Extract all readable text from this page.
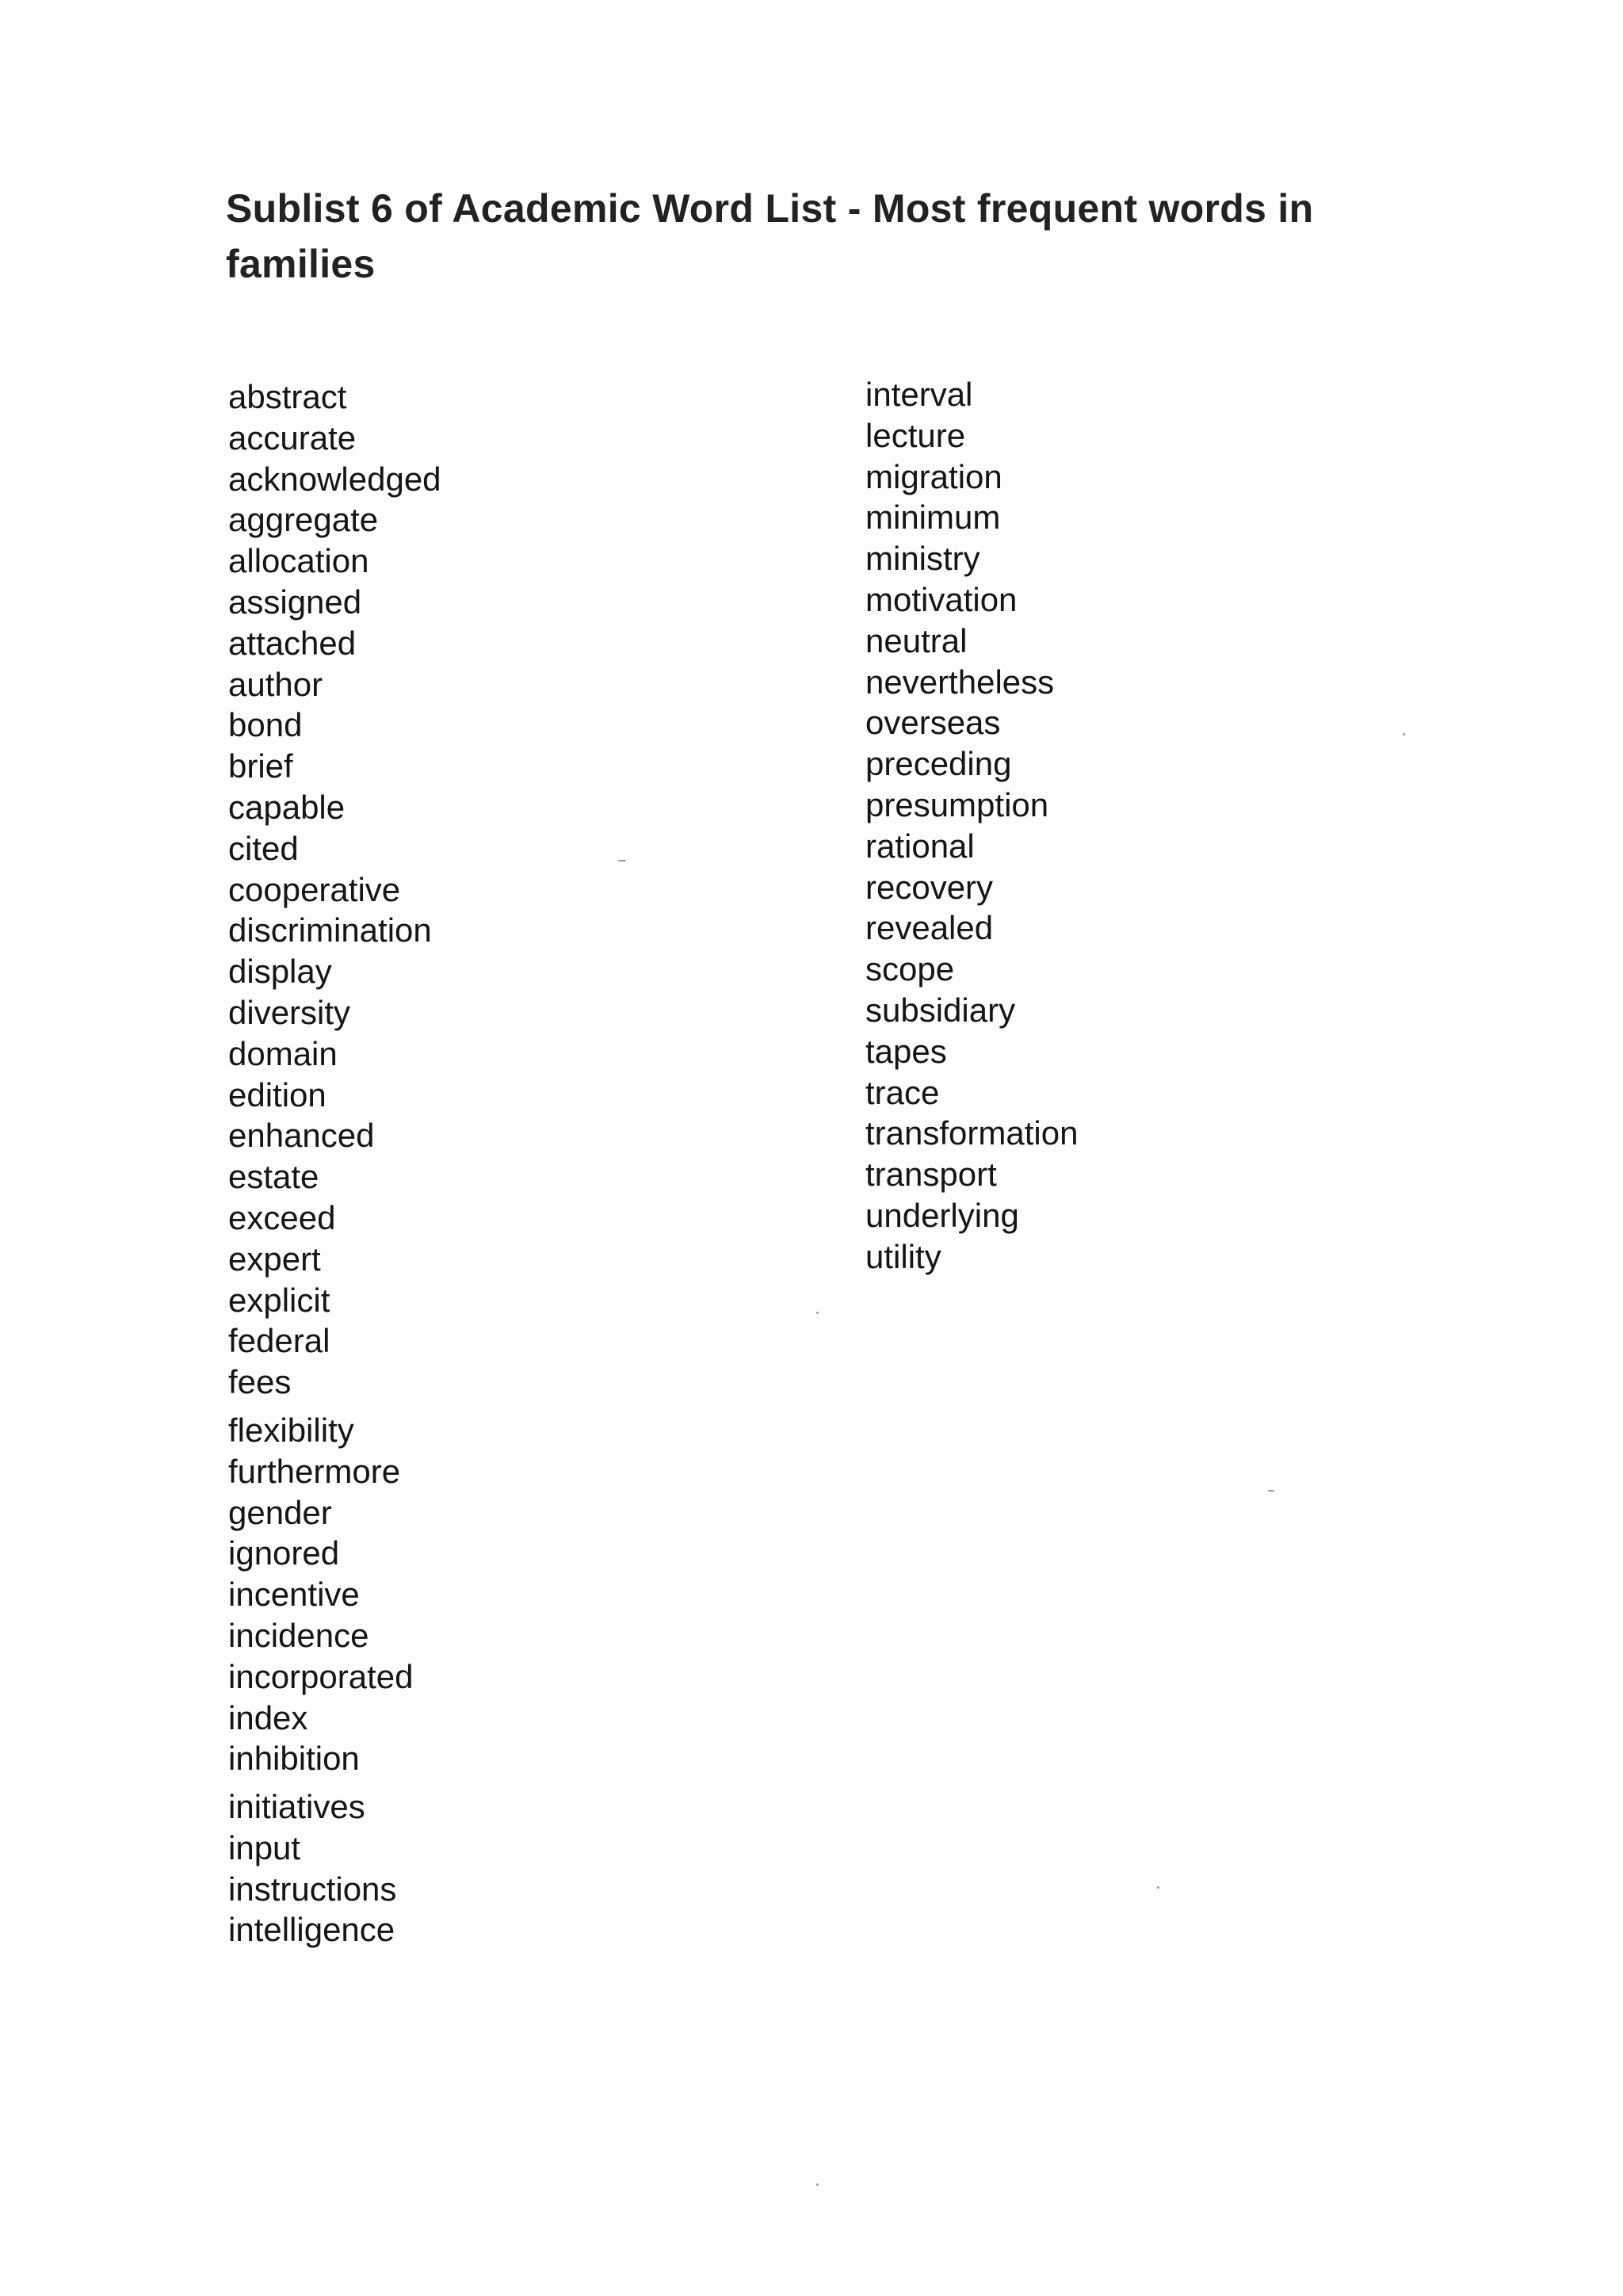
Sublist 6 of Academic Word List - Most frequent words in families
abstract
accurate
acknowledged
aggregate
allocation
assigned
attached
author
bond
brief
capable
cited
cooperative
discrimination
display
diversity
domain
edition
enhanced
estate
exceed
expert
explicit
federal
fees
flexibility
furthermore
gender
ignored
incentive
incidence
incorporated
index
inhibition
initiatives
input
instructions
intelligence
interval
lecture
migration
minimum
ministry
motivation
neutral
nevertheless
overseas
preceding
presumption
rational
recovery
revealed
scope
subsidiary
tapes
trace
transformation
transport
underlying
utility
